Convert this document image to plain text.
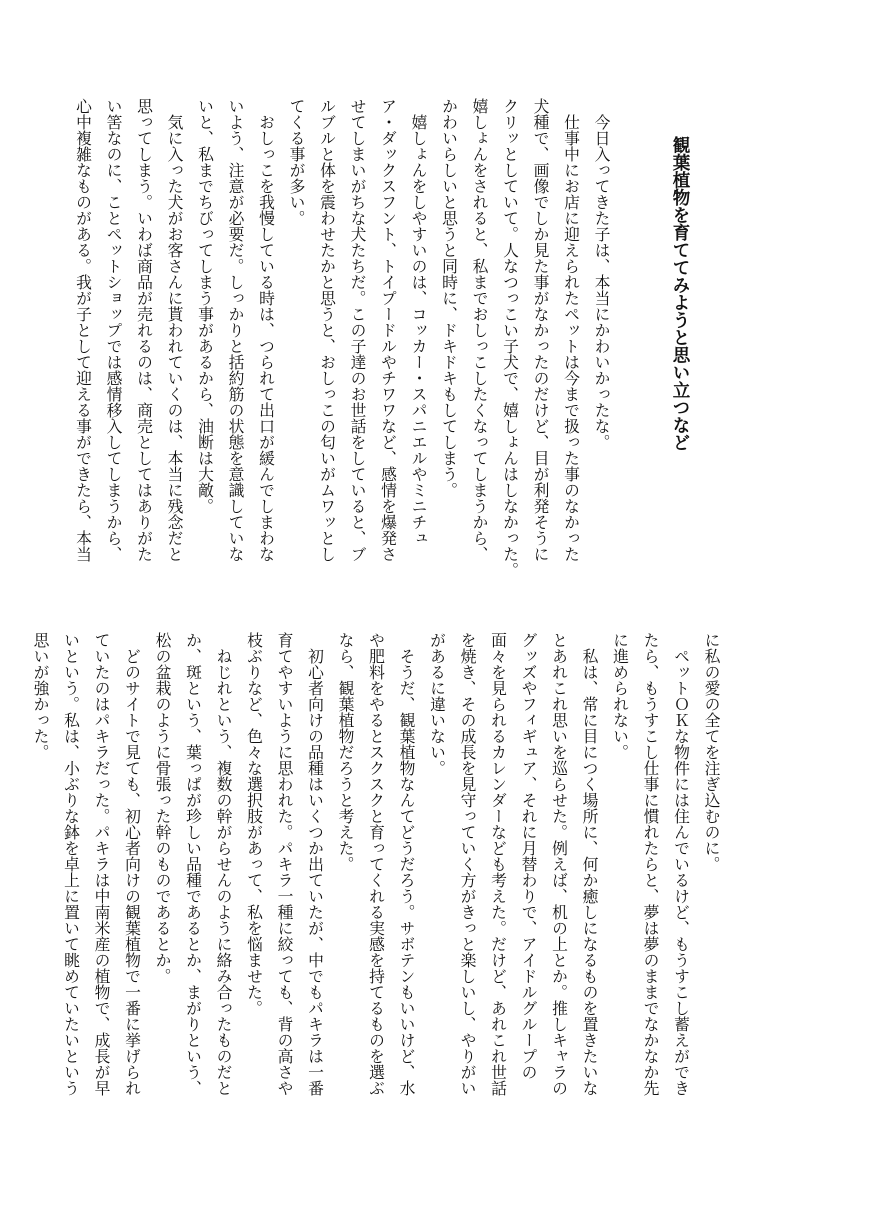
観葉植物を育ててみようと思い立つなど
　今日入ってきた子は、本当にかわいかったな。
　仕事中にお店に迎えられたペットは今まで扱った事のなかった
犬種で、画像でしか見た事がなかったのだけど、目が利発そうに
クリッとしていて。人なつっこい子犬で、嬉しょんはしなかった。
嬉しょんをされると、私までおしっこしたくなってしまうから、
かわいらしいと思うと同時に、ドキドキもしてしまう。
　嬉しょんをしやすいのは、コッカー・スパニエルやミニチュ
ア・ダックスフント、トイプードルやチワワなど、感情を爆発さ
せてしまいがちな犬たちだ。この子達のお世話をしていると、ブ
ルブルと体を震わせたかと思うと、おしっこの匂いがムワッとし
てくる事が多い。
　おしっこを我慢している時は、つられて出口が緩んでしまわな
いよう、注意が必要だ。しっかりと括約筋の状態を意識していな
いと、私までちびってしまう事があるから、油断は大敵。
　気に入った犬がお客さんに貰われていくのは、本当に残念だと
思ってしまう。いわば商品が売れるのは、商売としてはありがた
い筈なのに、ことペットショップでは感情移入してしまうから、
心中複雑なものがある。我が子として迎える事ができたら、本当
に私の愛の全てを注ぎ込むのに。
　ペットＯＫな物件には住んでいるけど、もうすこし蓄えができ
たら、もうすこし仕事に慣れたらと、夢は夢のままでなかなか先
に進められない。
　私は、常に目につく場所に、何か癒しになるものを置きたいな
とあれこれ思いを巡らせた。例えば、机の上とか。推しキャラの
グッズやフィギュア、それに月替わりで、アイドルグループの
面々を見られるカレンダーなども考えた。だけど、あれこれ世話
を焼き、その成長を見守っていく方がきっと楽しいし、やりがい
があるに違いない。
　そうだ、観葉植物なんてどうだろう。サボテンもいいけど、水
や肥料をやるとスクスクと育ってくれる実感を持てるものを選ぶ
なら、観葉植物だろうと考えた。
　初心者向けの品種はいくつか出ていたが、中でもパキラは一番
育てやすいように思われた。パキラ一種に絞っても、背の高さや
枝ぶりなど、色々な選択肢があって、私を悩ませた。
　ねじれという、複数の幹がらせんのように絡み合ったものだと
か、斑という、葉っぱが珍しい品種であるとか、まがりという、
松の盆栽のように骨張った幹のものであるとか。
　どのサイトで見ても、初心者向けの観葉植物で一番に挙げられ
ていたのはパキラだった。パキラは中南米産の植物で、成長が早
いという。私は、小ぶりな鉢を卓上に置いて眺めていたいという
思いが強かった。
